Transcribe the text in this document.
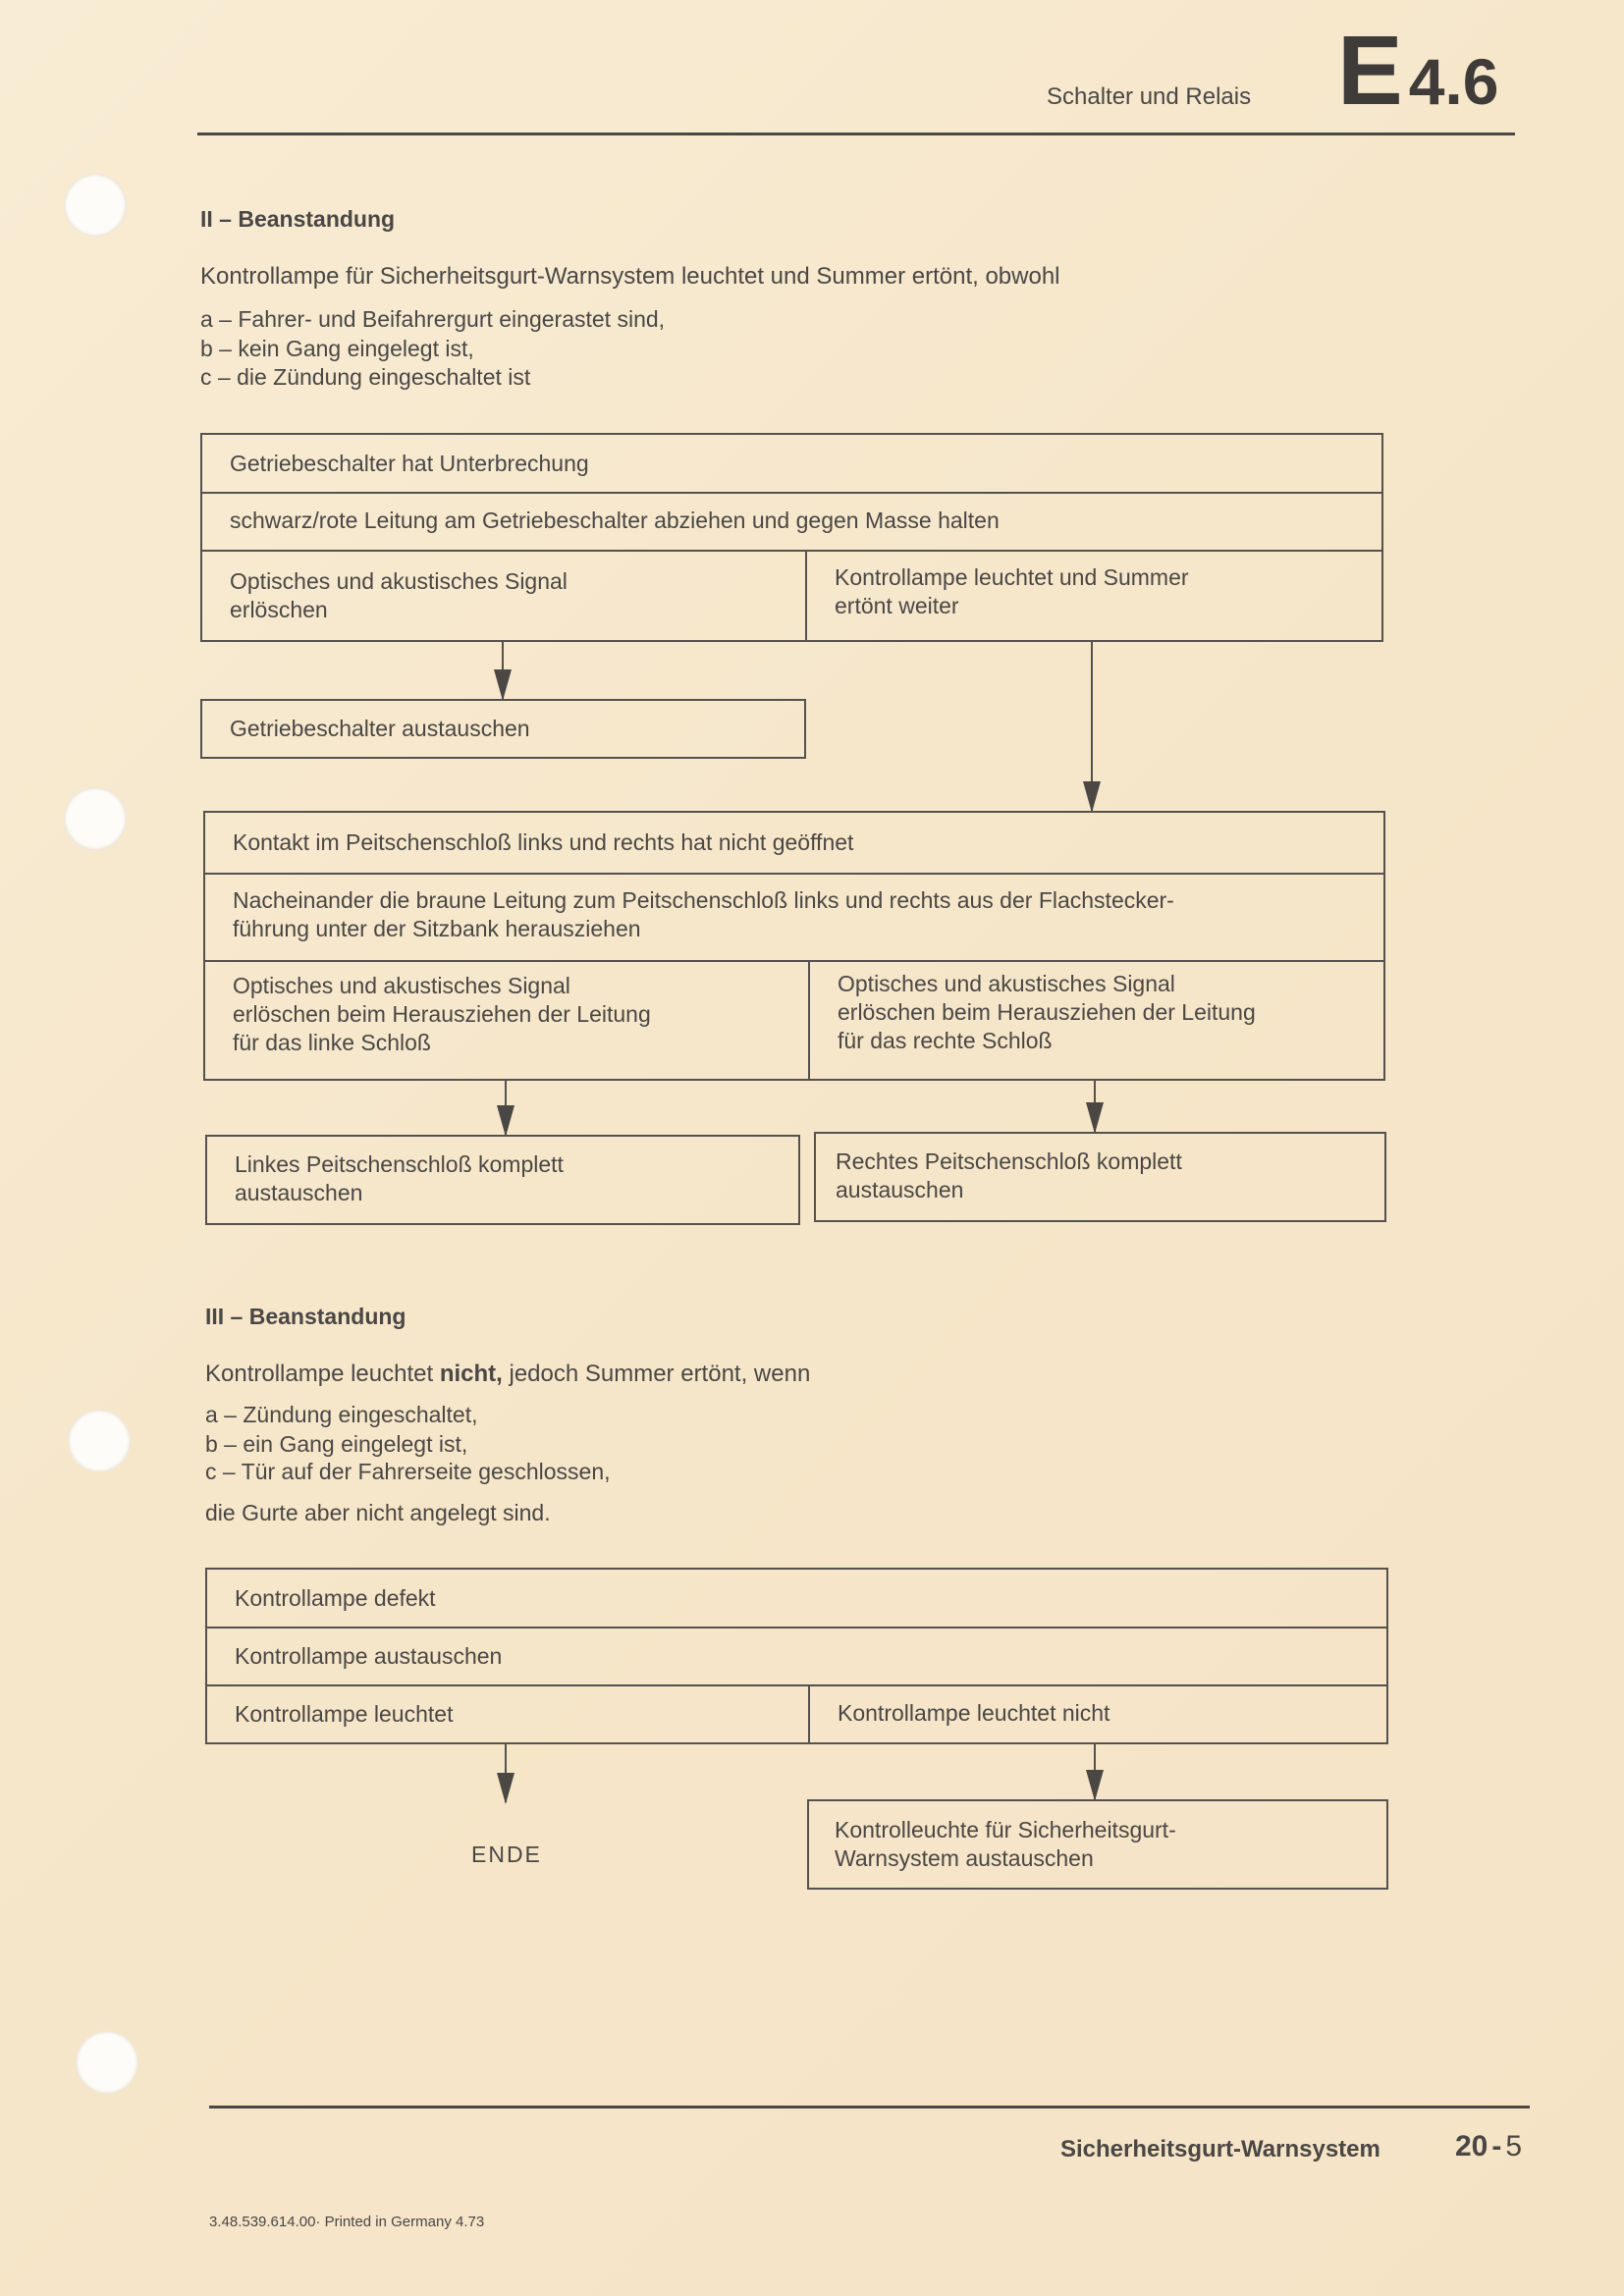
Schalter und Relais E4.6
II – Beanstandung
Kontrollampe für Sicherheitsgurt-Warnsystem leuchtet und Summer ertönt, obwohl
a – Fahrer- und Beifahrergurt eingerastet sind,
b – kein Gang eingelegt ist,
c – die Zündung eingeschaltet ist
Getriebeschalter hat Unterbrechung
schwarz/rote Leitung am Getriebeschalter abziehen und gegen Masse halten
Optisches und akustisches Signal
erlöschen
Kontrollampe leuchtet und Summer
ertönt weiter
Getriebeschalter austauschen
Kontakt im Peitschenschloß links und rechts hat nicht geöffnet
Nacheinander die braune Leitung zum Peitschenschloß links und rechts aus der Flachstecker-
führung unter der Sitzbank herausziehen
Optisches und akustisches Signal
erlöschen beim Herausziehen der Leitung
für das linke Schloß
Optisches und akustisches Signal
erlöschen beim Herausziehen der Leitung
für das rechte Schloß
Linkes Peitschenschloß komplett
austauschen
Rechtes Peitschenschloß komplett
austauschen
III – Beanstandung
Kontrollampe leuchtet nicht, jedoch Summer ertönt, wenn
a – Zündung eingeschaltet,
b – ein Gang eingelegt ist,
c – Tür auf der Fahrerseite geschlossen,
die Gurte aber nicht angelegt sind.
Kontrollampe defekt
Kontrollampe austauschen
Kontrollampe leuchtet	Kontrollampe leuchtet nicht
ENDE
Kontrolleuchte für Sicherheitsgurt-
Warnsystem austauschen
Sicherheitsgurt-Warnsystem	20 - 5
3.48.539.614.00· Printed in Germany 4.73
